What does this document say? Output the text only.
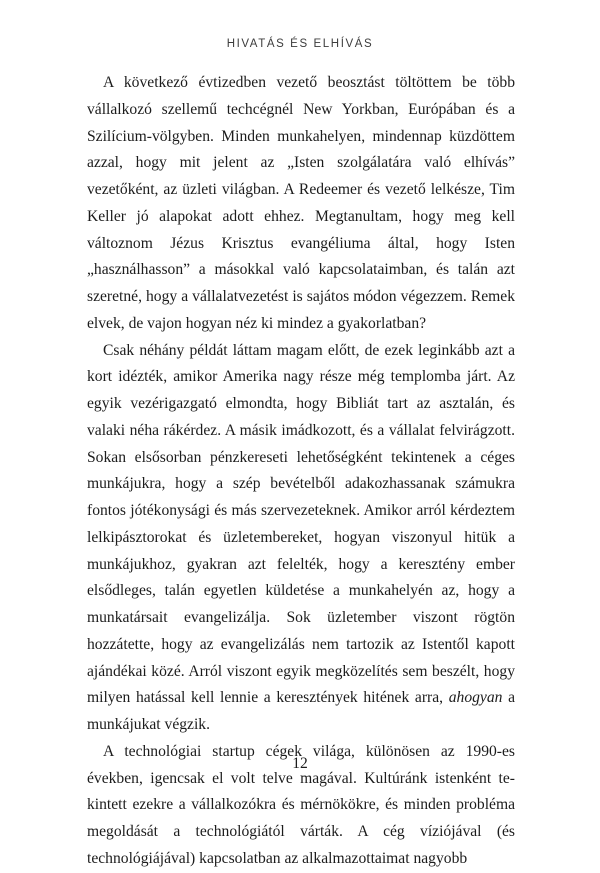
HIVATÁS ÉS ELHÍVÁS

A következő évtizedben vezető beosztást töltöttem be több vállalkozó szellemű techcégnél New Yorkban, Európában és a Szilícium-völgyben. Minden munkahelyen, mindennap küzdöttem azzal, hogy mit jelent az „Isten szolgálatára való elhívás” vezetőként, az üzleti világban. A Redeemer és vezető lelkésze, Tim Keller jó alapokat adott ehhez. Megtanultam, hogy meg kell változnom Jézus Krisztus evangéliuma által, hogy Isten „használhasson” a másokkal való kapcsolataimban, és talán azt szeretné, hogy a vállalatvezetést is sajátos módon végezzem. Remek elvek, de vajon hogyan néz ki mindez a gyakorlatban?

Csak néhány példát láttam magam előtt, de ezek leginkább azt a kort idézték, amikor Amerika nagy része még templomba járt. Az egyik vezérigazgató elmondta, hogy Bibliát tart az asztalán, és valaki néha rákérdez. A másik imádkozott, és a vállalat felvirágzott. Sokan elsősorban pénzkereseti lehetőségként tekintenek a céges munkájukra, hogy a szép bevételből adakozhassanak számukra fontos jótékonysági és más szervezeteknek. Amikor arról kérdeztem lelkipásztorokat és üzletembereket, hogyan viszonyul hitük a munkájukhoz, gyakran azt felelték, hogy a keresztény ember elsődleges, talán egyetlen küldetése a munkahelyén az, hogy a munkatársait evangelizálja. Sok üzletember viszont rögtön hozzátette, hogy az evangelizálás nem tartozik az Istentől kapott ajándékai közé. Arról viszont egyik megközelítés sem beszélt, hogy milyen hatással kell lennie a keresztények hitének arra, ahogyan a munkájukat végzik.

A technológiai startup cégek világa, különösen az 1990-es években, igencsak el volt telve magával. Kultúránk istenként tekintett ezekre a vállalkozókra és mérnökökre, és minden probléma megoldását a technológiától várták. A cég víziójával (és technológiájával) kapcsolatban az alkalmazottaimat nagyobb

12
